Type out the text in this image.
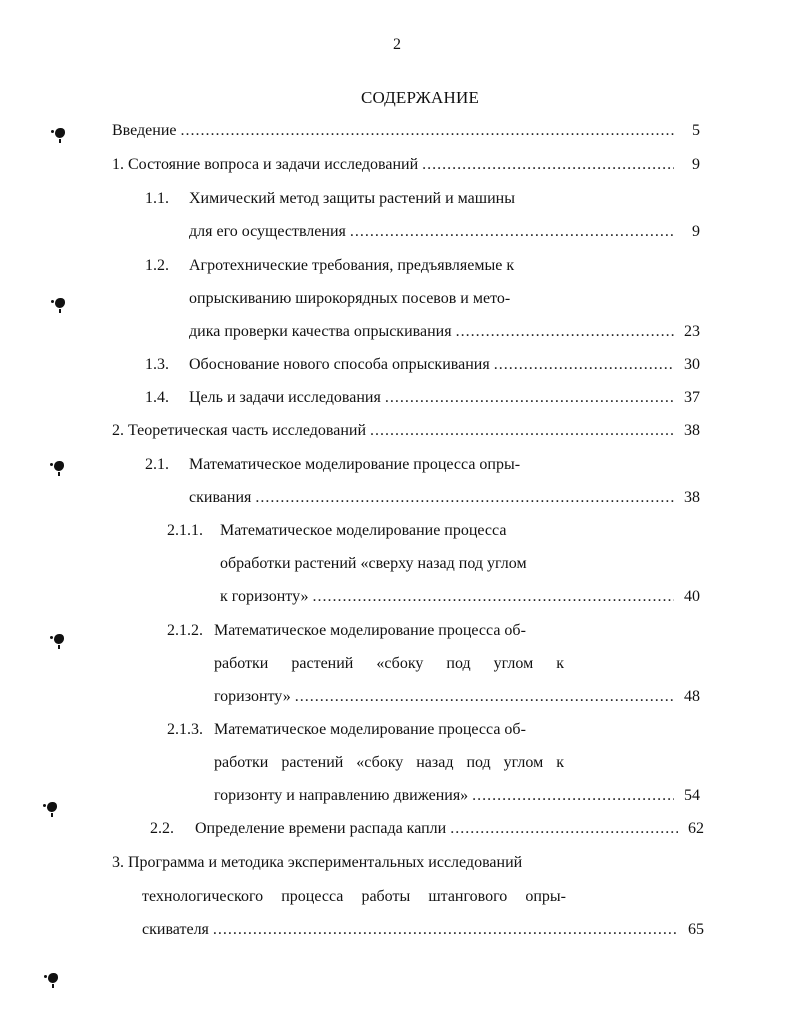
2
СОДЕРЖАНИЕ
Введение .....	5
1. Состояние вопроса и задачи исследований .....	9
1.1. Химический метод защиты растений и машины
для его осуществления .....	9
1.2. Агротехнические требования, предъявляемые к
опрыскиванию широкорядных посевов и мето-
дика проверки качества опрыскивания .....	23
1.3.	Обоснование нового способа опрыскивания .....	30
1.4.	Цель и задачи исследования .....	37
2. Теоретическая часть исследований .....	38
2.1. Математическое моделирование процесса опры-
скивания .....	38
2.1.1. Математическое моделирование процесса
обработки растений «сверху назад под углом
к горизонту» .....	40
2.1.2. Математическое моделирование процесса об-
работки растений «сбоку под углом к
горизонту» .....	48
2.1.3. Математическое моделирование процесса об-
работки растений «сбоку назад под углом к
горизонту и направлению движения» .....	54
2.2.	Определение времени распада капли .....	62
3. Программа и методика экспериментальных исследований
технологического процесса работы штангового опры-
скивателя .....	65
